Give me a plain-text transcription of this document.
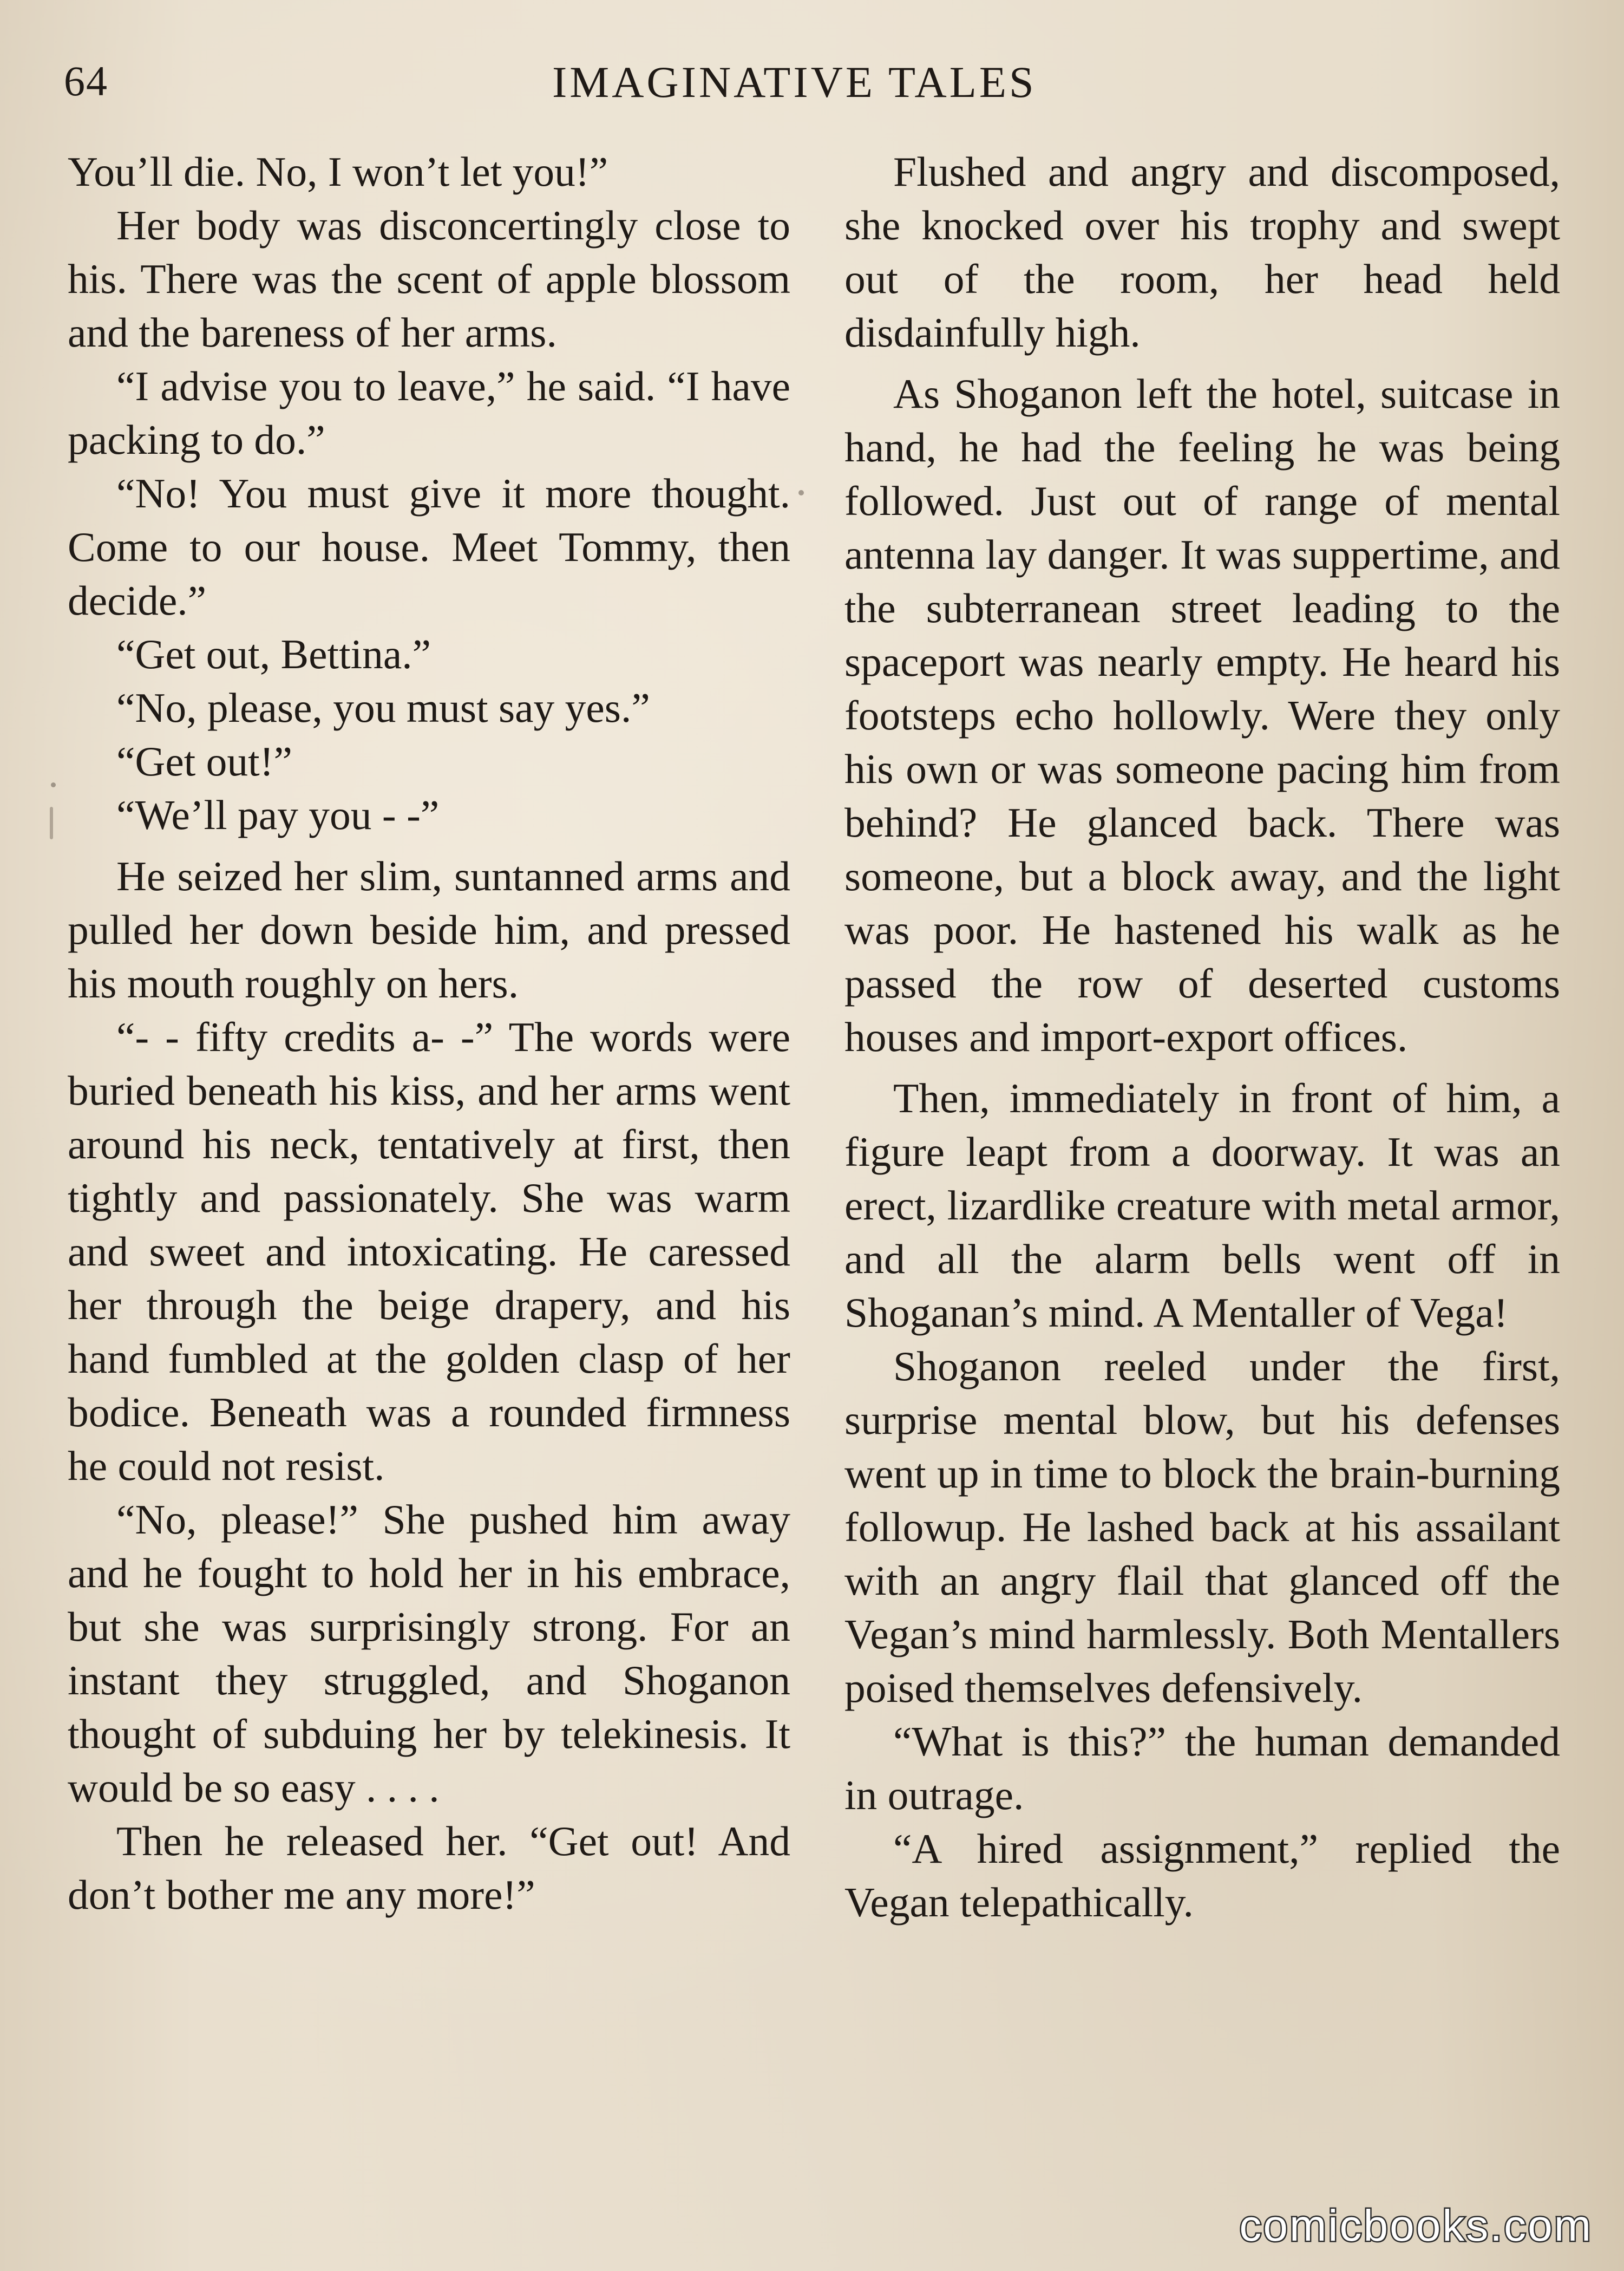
64	IMAGINATIVE TALES

You’ll die. No, I won’t let you!”

Her body was disconcertingly close to his. There was the scent of apple blossom and the bareness of her arms.

“I advise you to leave,” he said. “I have packing to do.”

“No! You must give it more thought. Come to our house. Meet Tommy, then decide.”

“Get out, Bettina.”

“No, please, you must say yes.”

“Get out!”

“We’ll pay you - -”

He seized her slim, suntanned arms and pulled her down beside him, and pressed his mouth roughly on hers.

“- - fifty credits a- -” The words were buried beneath his kiss, and her arms went around his neck, tentatively at first, then tightly and passionately. She was warm and sweet and intoxicating. He caressed her through the beige drapery, and his hand fumbled at the golden clasp of her bodice. Beneath was a rounded firmness he could not resist.

“No, please!” She pushed him away and he fought to hold her in his embrace, but she was surprisingly strong. For an instant they struggled, and Shoganon thought of subduing her by telekinesis. It would be so easy . . . .

Then he released her. “Get out! And don’t bother me any more!”

Flushed and angry and discomposed, she knocked over his trophy and swept out of the room, her head held disdainfully high.

As Shoganon left the hotel, suitcase in hand, he had the feeling he was being followed. Just out of range of mental antenna lay danger. It was suppertime, and the subterranean street leading to the spaceport was nearly empty. He heard his footsteps echo hollowly. Were they only his own or was someone pacing him from behind? He glanced back. There was someone, but a block away, and the light was poor. He hastened his walk as he passed the row of deserted customs houses and import-export offices.

Then, immediately in front of him, a figure leapt from a doorway. It was an erect, lizardlike creature with metal armor, and all the alarm bells went off in Shoganan’s mind. A Mentaller of Vega!

Shoganon reeled under the first, surprise mental blow, but his defenses went up in time to block the brain-burning followup. He lashed back at his assailant with an angry flail that glanced off the Vegan’s mind harmlessly. Both Mentallers poised themselves defensively.

“What is this?” the human demanded in outrage.

“A hired assignment,” replied the Vegan telepathically.

comicbooks.com
